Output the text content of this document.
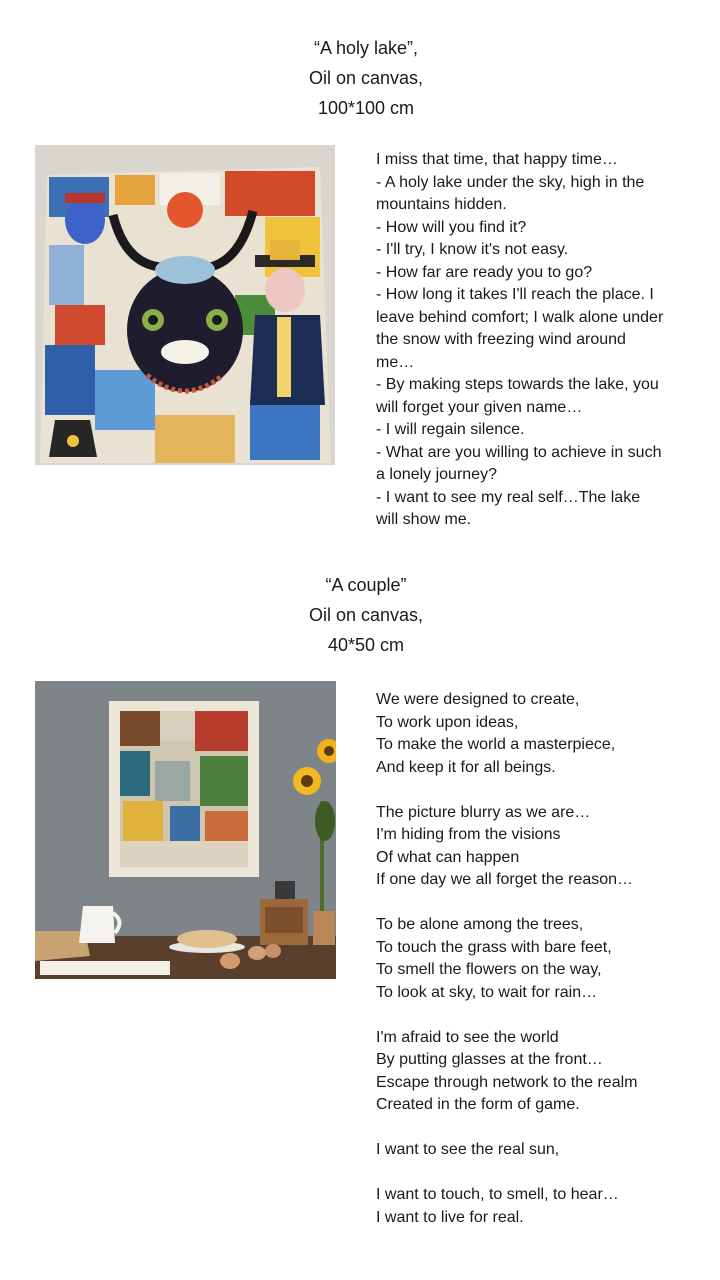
“A holy lake”,
Oil on canvas,
100*100 cm
I miss that time, that happy time…
- A holy lake under the sky, high in the mountains hidden.
- How will you find it?
- I'll try, I know it's not easy.
- How far are ready you to go?
- How long it takes I'll reach the place. I leave behind comfort; I walk alone under the snow with freezing wind around me…
- By making steps towards the lake, you will forget your given name…
- I will regain silence.
- What are you willing to achieve in such a lonely journey?
- I want to see my real self…The lake will show me.
“A couple”
Oil on canvas,
40*50 cm
We were designed to create,
To work upon ideas,
To make the world a masterpiece,
And keep it for all beings.
The picture blurry as we are…
I'm hiding from the visions
Of what can happen
If one day we all forget the reason…
To be alone among the trees,
To touch the grass with bare feet,
To smell the flowers on the way,
To look at sky, to wait for rain…
I'm afraid to see the world
By putting glasses at the front…
Escape through network to the realm
Created in the form of game.
I want to see the real sun,
I want to touch, to smell, to hear…
I want to live for real.
